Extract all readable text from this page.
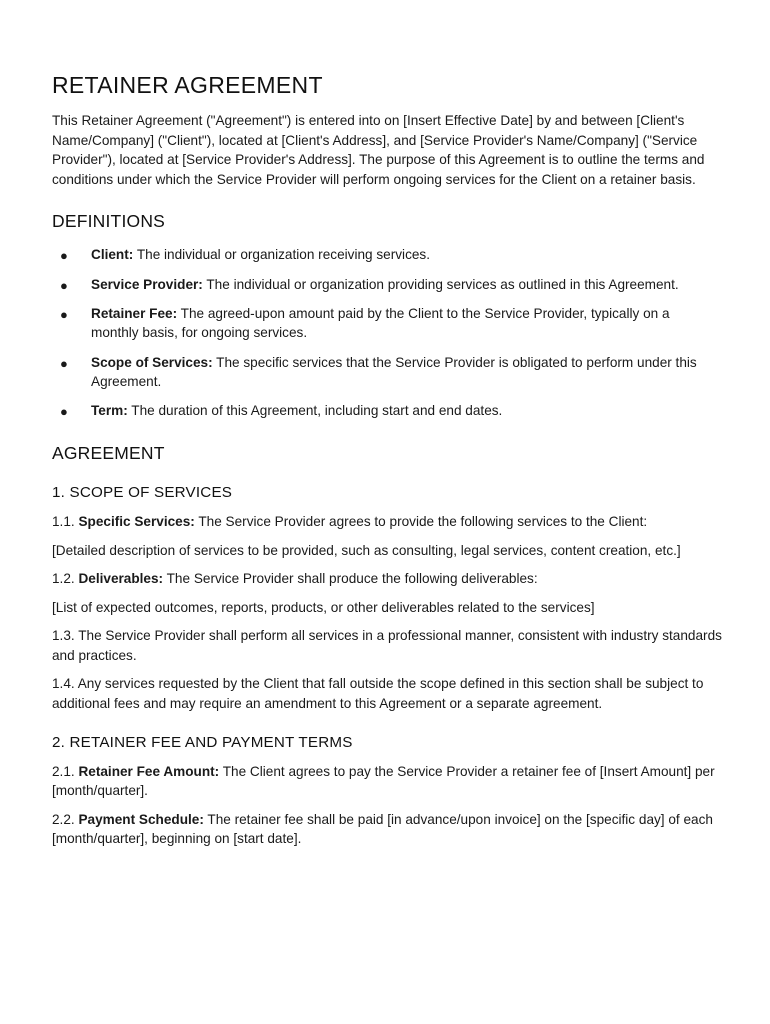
RETAINER AGREEMENT

This Retainer Agreement ("Agreement") is entered into on [Insert Effective Date] by and between [Client's Name/Company] ("Client"), located at [Client's Address], and [Service Provider's Name/Company] ("Service Provider"), located at [Service Provider's Address]. The purpose of this Agreement is to outline the terms and conditions under which the Service Provider will perform ongoing services for the Client on a retainer basis.

DEFINITIONS
● Client: The individual or organization receiving services.
● Service Provider: The individual or organization providing services as outlined in this Agreement.
● Retainer Fee: The agreed-upon amount paid by the Client to the Service Provider, typically on a monthly basis, for ongoing services.
● Scope of Services: The specific services that the Service Provider is obligated to perform under this Agreement.
● Term: The duration of this Agreement, including start and end dates.
AGREEMENT
1. SCOPE OF SERVICES

1.1. Specific Services: The Service Provider agrees to provide the following services to the Client:

[Detailed description of services to be provided, such as consulting, legal services, content creation, etc.]

1.2. Deliverables: The Service Provider shall produce the following deliverables:

[List of expected outcomes, reports, products, or other deliverables related to the services]

1.3. The Service Provider shall perform all services in a professional manner, consistent with industry standards and practices.

1.4. Any services requested by the Client that fall outside the scope defined in this section shall be subject to additional fees and may require an amendment to this Agreement or a separate agreement.

2. RETAINER FEE AND PAYMENT TERMS

2.1. Retainer Fee Amount: The Client agrees to pay the Service Provider a retainer fee of [Insert Amount] per [month/quarter].

2.2. Payment Schedule: The retainer fee shall be paid [in advance/upon invoice] on the [specific day] of each [month/quarter], beginning on [start date].
